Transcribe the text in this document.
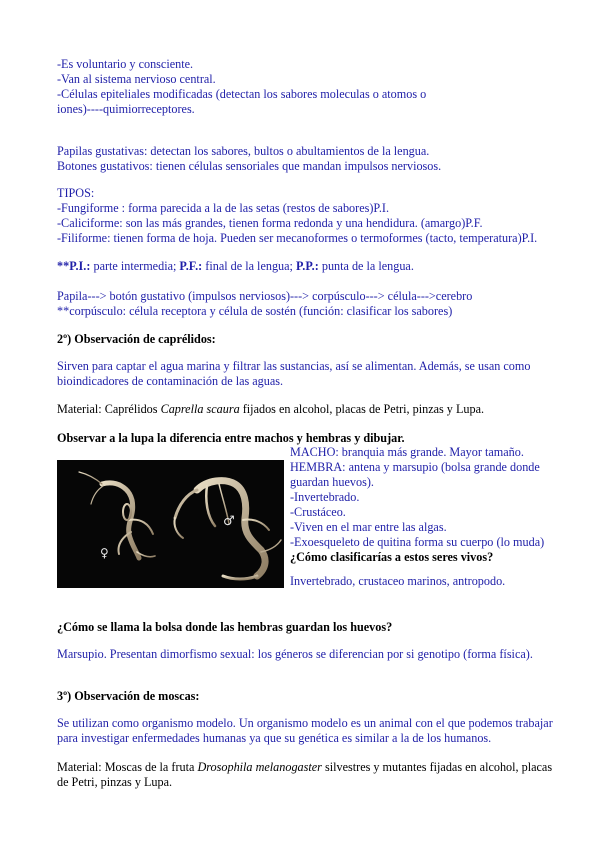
-Es voluntario y consciente.
-Van al sistema nervioso central.
-Células epiteliales modificadas (detectan los sabores moleculas o atomos o
iones)----quimiorreceptores.
Papilas gustativas: detectan los sabores, bultos o abultamientos de la lengua.
Botones gustativos: tienen células sensoriales que mandan impulsos nerviosos.
TIPOS:
-Fungiforme : forma parecida a la de las setas (restos de sabores)P.I.
-Caliciforme: son las más grandes, tienen forma redonda y una hendidura. (amargo)P.F.
-Filiforme: tienen forma de hoja. Pueden ser mecanoformes o termoformes (tacto, temperatura)P.I.
**P.I.: parte intermedia; P.F.: final de la lengua; P.P.: punta de la lengua.
Papila---> botón gustativo (impulsos nerviosos)---> corpúsculo---> célula--->cerebro
**corpúsculo: célula receptora y célula de sostén (función: clasificar los sabores)
2º) Observación de caprélidos:
Sirven para captar el agua marina y filtrar las sustancias, así se alimentan. Además, se usan como bioindicadores de contaminación de las aguas.
Material: Caprélidos Caprella scaura fijados en alcohol, placas de Petri, pinzas y Lupa.
Observar a la lupa la diferencia entre machos y hembras y dibujar.
♀
♂
MACHO: branquia más grande. Mayor tamaño.
HEMBRA: antena y marsupio (bolsa grande donde guardan huevos).
-Invertebrado.
-Crustáceo.
-Viven en el mar entre las algas.
-Exoesqueleto de quitina forma su cuerpo (lo muda)
¿Cómo clasificarías a estos seres vivos?
Invertebrado, crustaceo marinos, antropodo.
¿Cómo se llama la bolsa donde las hembras guardan los huevos?
Marsupio. Presentan dimorfismo sexual: los géneros se diferencian por si genotipo (forma física).
3º) Observación de moscas:
Se utilizan como organismo modelo. Un organismo modelo es un animal con el que podemos trabajar para investigar enfermedades humanas ya que su genética es similar a la de los humanos.
Material: Moscas de la fruta Drosophila melanogaster silvestres y mutantes fijadas en alcohol, placas de Petri, pinzas y Lupa.
